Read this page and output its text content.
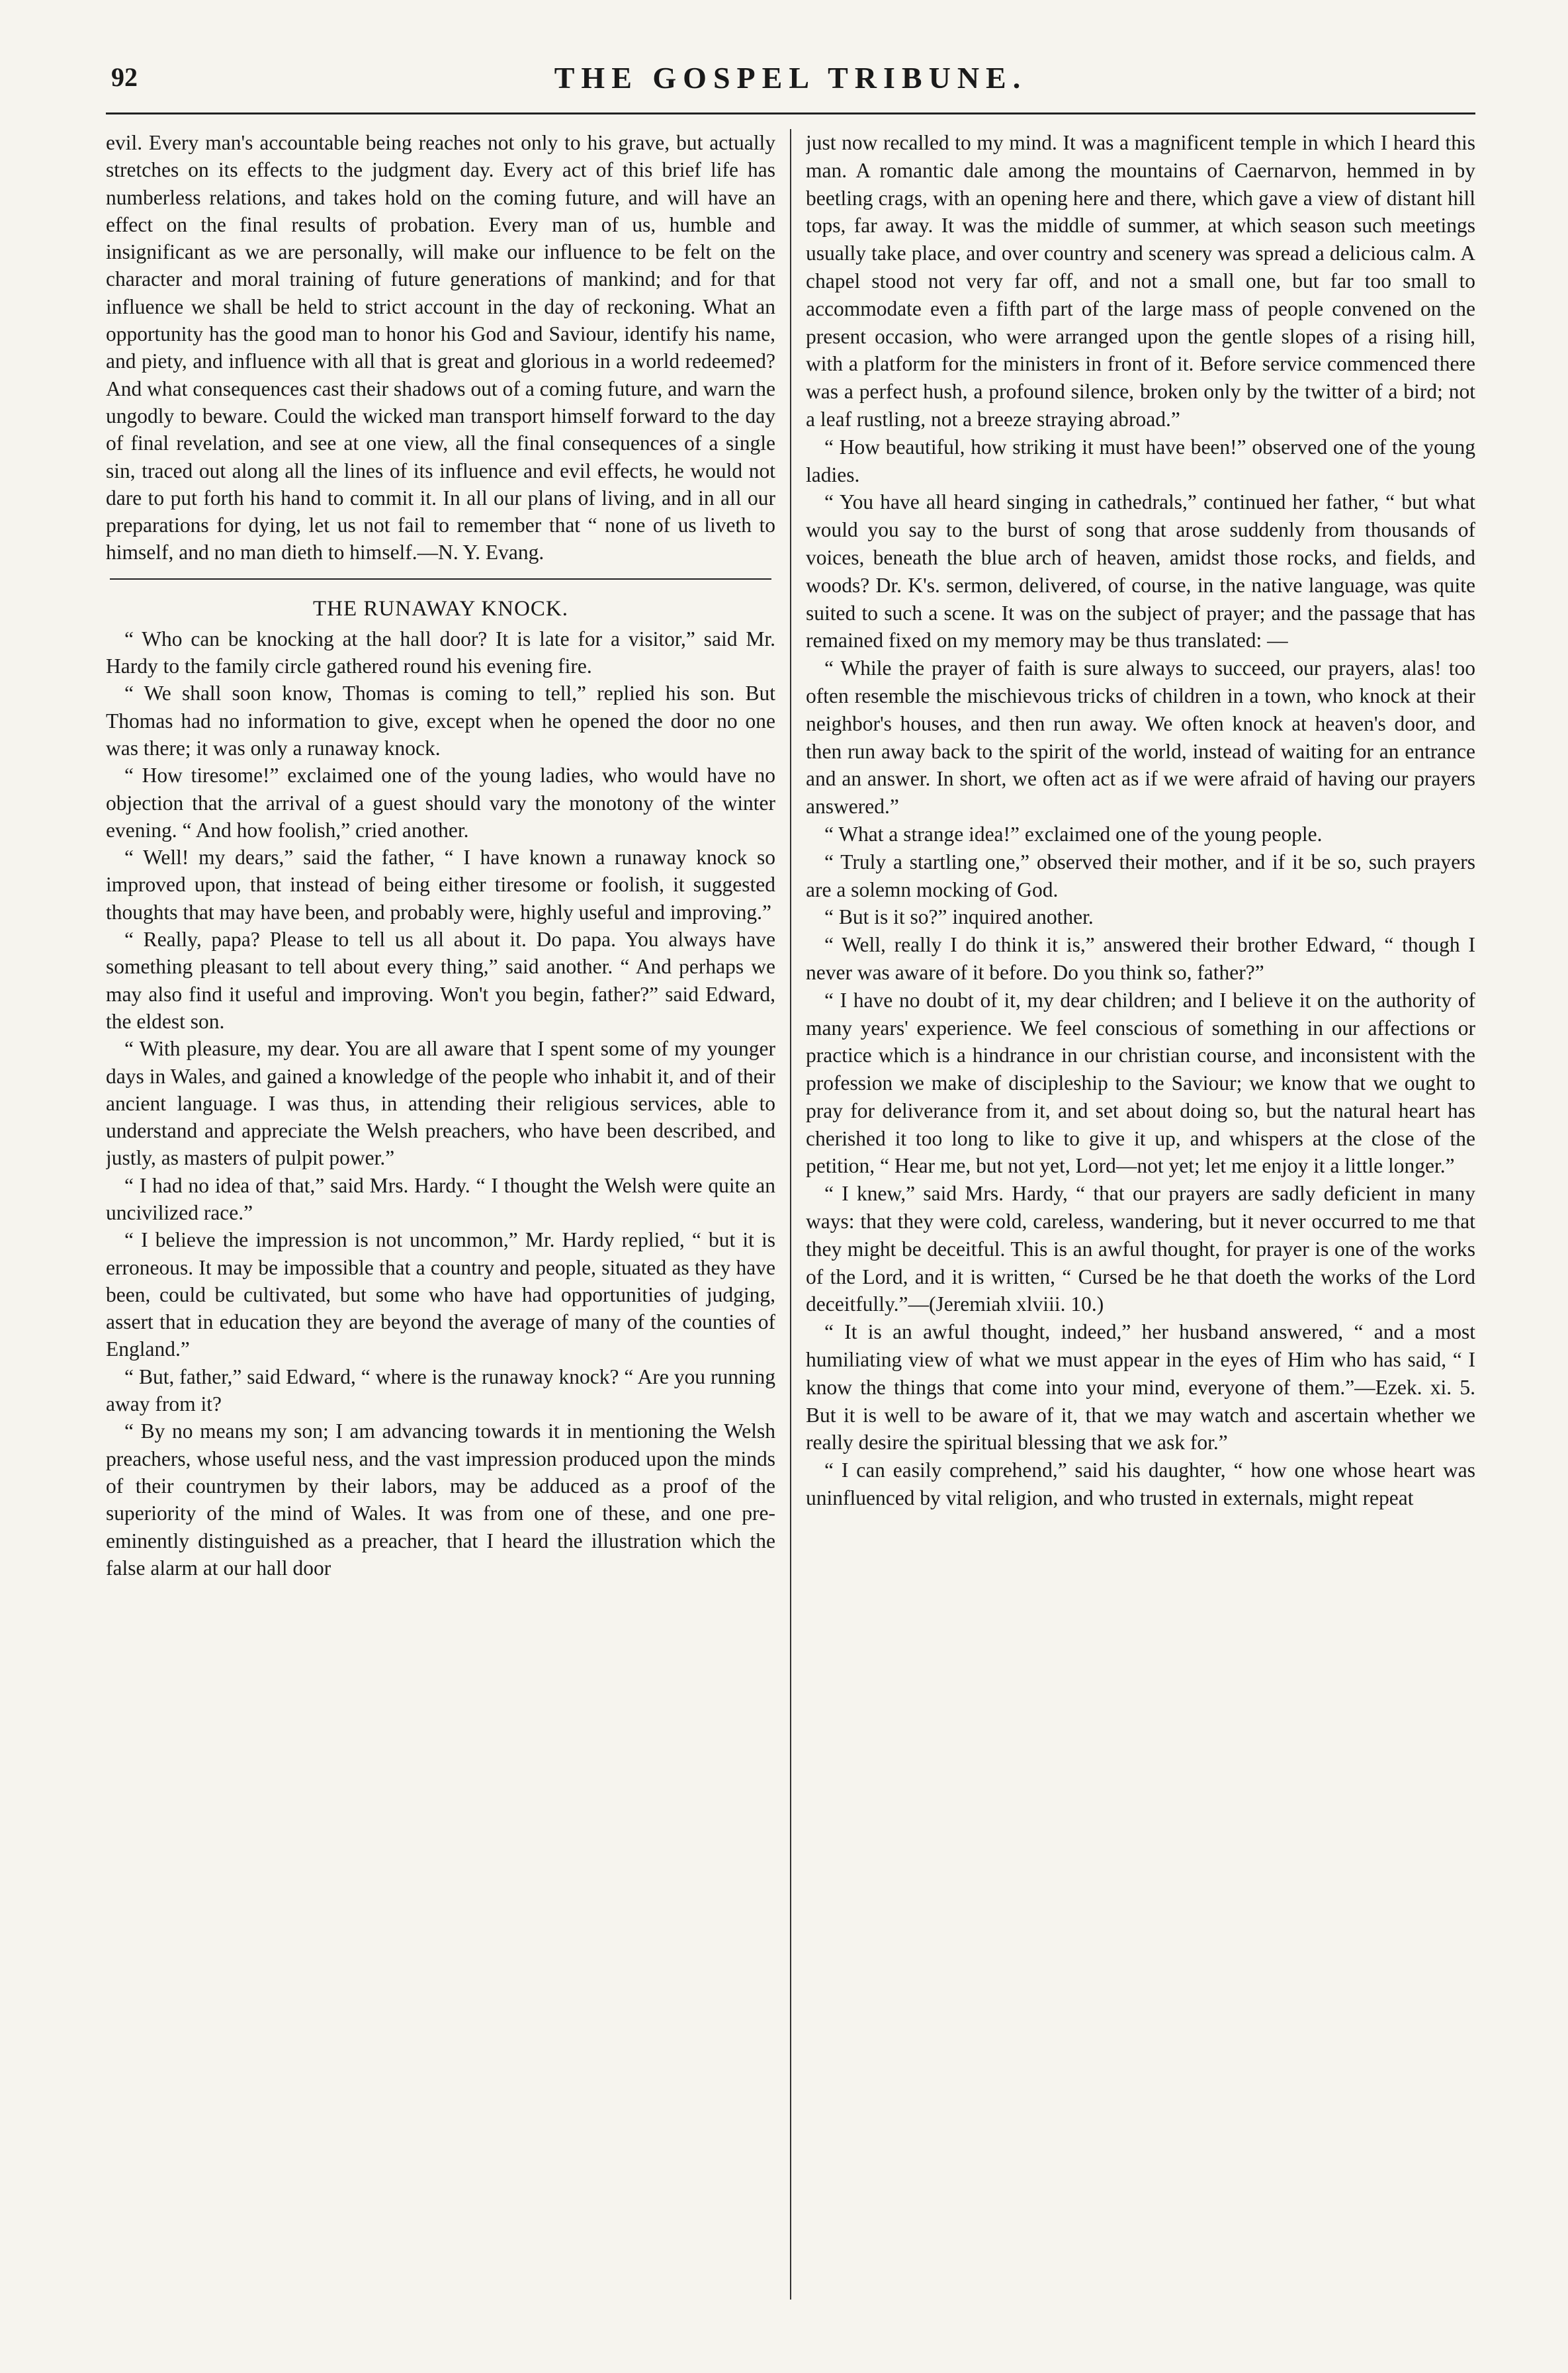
92	THE GOSPEL TRIBUNE.

evil. Every man's accountable being reaches not only to his grave, but actually stretches on its effects to the judgment day. Every act of this brief life has numberless relations, and takes hold on the coming future, and will have an effect on the final results of probation. Every man of us, humble and insignificant as we are personally, will make our influence to be felt on the character and moral training of future generations of mankind; and for that influence we shall be held to strict account in the day of reckoning. What an opportunity has the good man to honor his God and Saviour, identify his name, and piety, and influence with all that is great and glorious in a world redeemed? And what consequences cast their shadows out of a coming future, and warn the ungodly to beware. Could the wicked man transport himself forward to the day of final revelation, and see at one view, all the final consequences of a single sin, traced out along all the lines of its influence and evil effects, he would not dare to put forth his hand to commit it. In all our plans of living, and in all our preparations for dying, let us not fail to remember that “ none of us liveth to himself, and no man dieth to himself.—N. Y. Evang.

THE RUNAWAY KNOCK.

“ Who can be knocking at the hall door? It is late for a visitor,” said Mr. Hardy to the family circle gathered round his evening fire.

“ We shall soon know, Thomas is coming to tell,” replied his son. But Thomas had no information to give, except when he opened the door no one was there; it was only a runaway knock.

“ How tiresome!” exclaimed one of the young ladies, who would have no objection that the arrival of a guest should vary the monotony of the winter evening. “ And how foolish,” cried another.

“ Well! my dears,” said the father, “ I have known a runaway knock so improved upon, that instead of being either tiresome or foolish, it suggested thoughts that may have been, and probably were, highly useful and improving.”

“ Really, papa? Please to tell us all about it. Do papa. You always have something pleasant to tell about every thing,” said another. “ And perhaps we may also find it useful and improving. Won't you begin, father?” said Edward, the eldest son.

“ With pleasure, my dear. You are all aware that I spent some of my younger days in Wales, and gained a knowledge of the people who inhabit it, and of their ancient language. I was thus, in attending their religious services, able to understand and appreciate the Welsh preachers, who have been described, and justly, as masters of pulpit power.”

“ I had no idea of that,” said Mrs. Hardy. “ I thought the Welsh were quite an uncivilized race.”

“ I believe the impression is not uncommon,” Mr. Hardy replied, “ but it is erroneous. It may be impossible that a country and people, situated as they have been, could be cultivated, but some who have had opportunities of judging, assert that in education they are beyond the average of many of the counties of England.”

“ But, father,” said Edward, “ where is the runaway knock? “ Are you running away from it?

“ By no means my son; I am advancing towards it in mentioning the Welsh preachers, whose useful ness, and the vast impression produced upon the minds of their countrymen by their labors, may be adduced as a proof of the superiority of the mind of Wales. It was from one of these, and one pre-eminently distinguished as a preacher, that I heard the illustration which the false alarm at our hall door

just now recalled to my mind. It was a magnificent temple in which I heard this man. A romantic dale among the mountains of Caernarvon, hemmed in by beetling crags, with an opening here and there, which gave a view of distant hill tops, far away. It was the middle of summer, at which season such meetings usually take place, and over country and scenery was spread a delicious calm. A chapel stood not very far off, and not a small one, but far too small to accommodate even a fifth part of the large mass of people convened on the present occasion, who were arranged upon the gentle slopes of a rising hill, with a platform for the ministers in front of it. Before service commenced there was a perfect hush, a profound silence, broken only by the twitter of a bird; not a leaf rustling, not a breeze straying abroad.”

“ How beautiful, how striking it must have been!” observed one of the young ladies.

“ You have all heard singing in cathedrals,” continued her father, “ but what would you say to the burst of song that arose suddenly from thousands of voices, beneath the blue arch of heaven, amidst those rocks, and fields, and woods? Dr. K's. sermon, delivered, of course, in the native language, was quite suited to such a scene. It was on the subject of prayer; and the passage that has remained fixed on my memory may be thus translated: —

“ While the prayer of faith is sure always to succeed, our prayers, alas! too often resemble the mischievous tricks of children in a town, who knock at their neighbor's houses, and then run away. We often knock at heaven's door, and then run away back to the spirit of the world, instead of waiting for an entrance and an answer. In short, we often act as if we were afraid of having our prayers answered.”

“ What a strange idea!” exclaimed one of the young people.

“ Truly a startling one,” observed their mother, and if it be so, such prayers are a solemn mocking of God.

“ But is it so?” inquired another.

“ Well, really I do think it is,” answered their brother Edward, “ though I never was aware of it before. Do you think so, father?”

“ I have no doubt of it, my dear children; and I believe it on the authority of many years' experience. We feel conscious of something in our affections or practice which is a hindrance in our christian course, and inconsistent with the profession we make of discipleship to the Saviour; we know that we ought to pray for deliverance from it, and set about doing so, but the natural heart has cherished it too long to like to give it up, and whispers at the close of the petition, “ Hear me, but not yet, Lord—not yet; let me enjoy it a little longer.”

“ I knew,” said Mrs. Hardy, “ that our prayers are sadly deficient in many ways: that they were cold, careless, wandering, but it never occurred to me that they might be deceitful. This is an awful thought, for prayer is one of the works of the Lord, and it is written, “ Cursed be he that doeth the works of the Lord deceitfully.”—(Jeremiah xlviii. 10.)

“ It is an awful thought, indeed,” her husband answered, “ and a most humiliating view of what we must appear in the eyes of Him who has said, “ I know the things that come into your mind, everyone of them.”—Ezek. xi. 5. But it is well to be aware of it, that we may watch and ascertain whether we really desire the spiritual blessing that we ask for.”

“ I can easily comprehend,” said his daughter, “ how one whose heart was uninfluenced by vital religion, and who trusted in externals, might repeat
